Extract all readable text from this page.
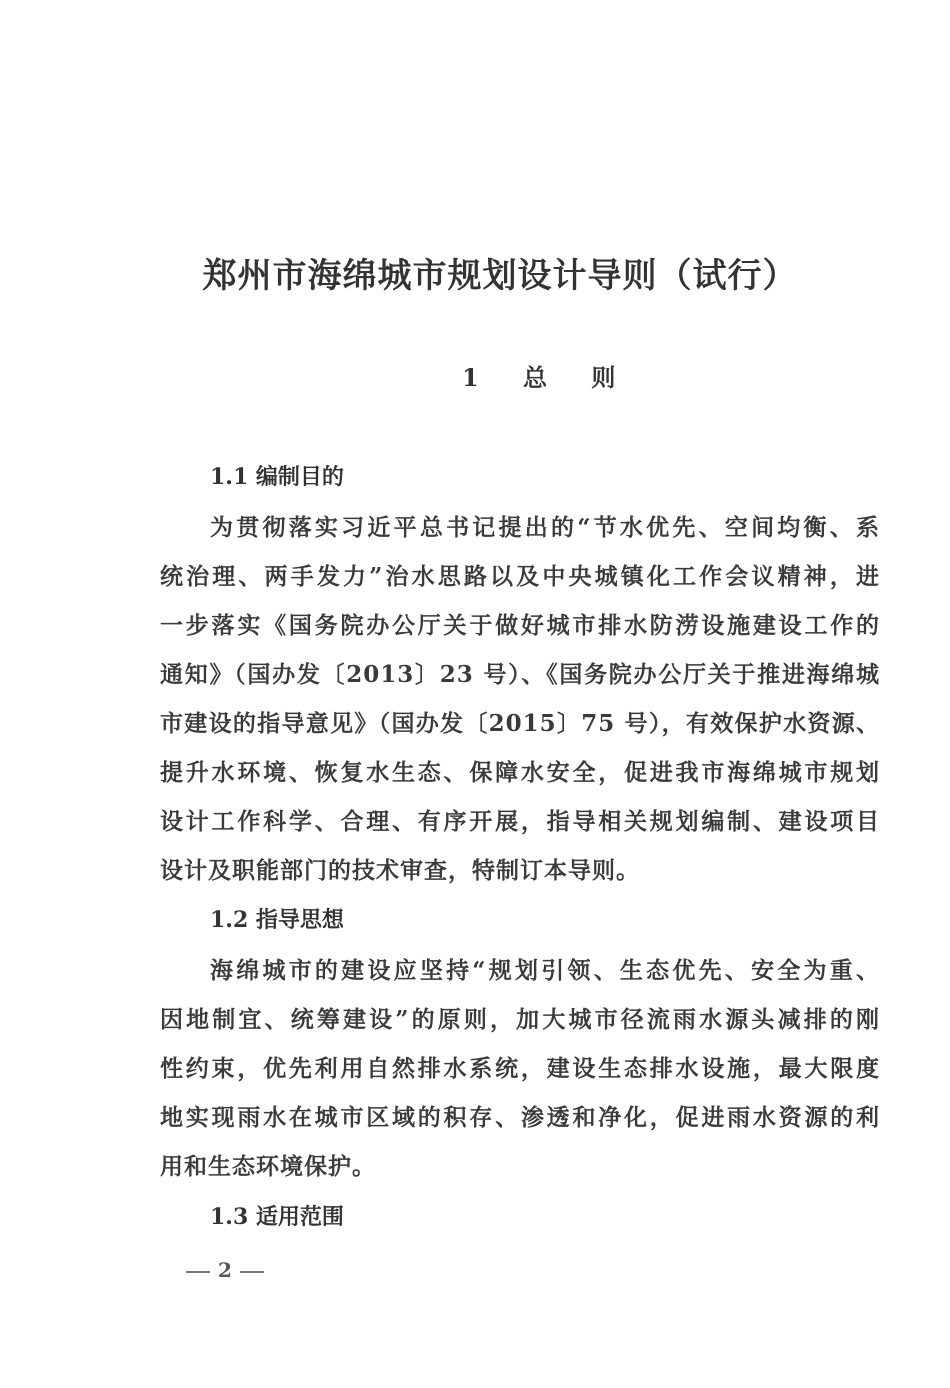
郑州市海绵城市规划设计导则（试行）
1 总 则
1.1 编制目的

为贯彻落实习近平总书记提出的“节水优先、空间均衡、系

统治理、两手发力”治水思路以及中央城镇化工作会议精神，进

一步落实《国务院办公厅关于做好城市排水防涝设施建设工作的

通知》（国办发〔2013〕23 号）、《国务院办公厅关于推进海绵城

市建设的指导意见》（国办发〔2015〕75 号），有效保护水资源、

提升水环境、恢复水生态、保障水安全，促进我市海绵城市规划

设计工作科学、合理、有序开展，指导相关规划编制、建设项目

设计及职能部门的技术审查，特制订本导则。

1.2 指导思想

海绵城市的建设应坚持“规划引领、生态优先、安全为重、

因地制宜、统筹建设”的原则，加大城市径流雨水源头减排的刚

性约束，优先利用自然排水系统，建设生态排水设施，最大限度

地实现雨水在城市区域的积存、渗透和净化，促进雨水资源的利

用和生态环境保护。

1.3 适用范围
2
